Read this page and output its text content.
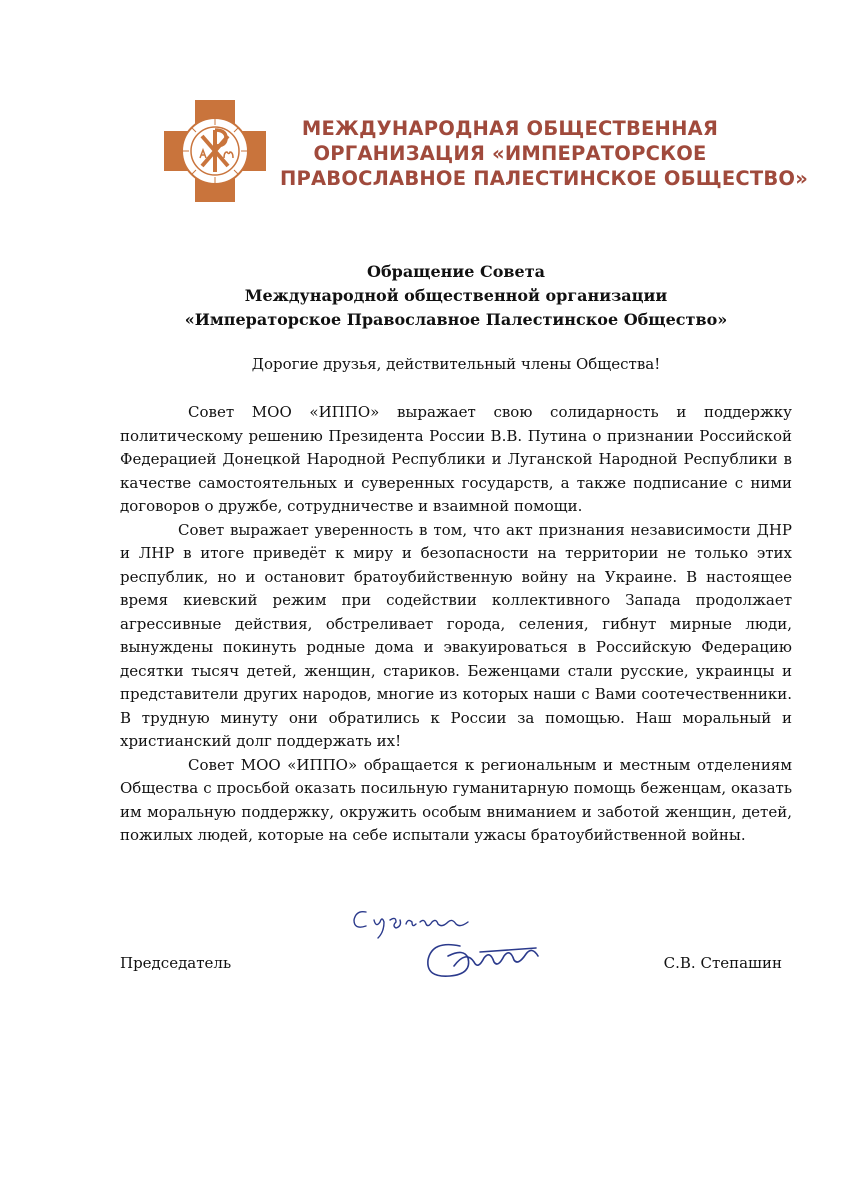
МЕЖДУНАРОДНАЯ ОБЩЕСТВЕННАЯ
ОРГАНИЗАЦИЯ «ИМПЕРАТОРСКОЕ
ПРАВОСЛАВНОЕ ПАЛЕСТИНСКОЕ ОБЩЕСТВО»
Обращение Совета
Международной общественной организации
«Императорское Православное Палестинское Общество»
Дорогие друзья, действительный члены Общества!

Совет МОО «ИППО» выражает свою солидарность и поддержку политическому решению Президента России В.В. Путина о признании Российской Федерацией Донецкой Народной Республики и Луганской Народной Республики в качестве самостоятельных и суверенных государств, а также подписание с ними договоров о дружбе, сотрудничестве и взаимной помощи.

Совет выражает уверенность в том, что акт признания независимости ДНР и ЛНР в итоге приведёт к миру и безопасности на территории не только этих республик, но и остановит братоубийственную войну на Украине. В настоящее время киевский режим при содействии коллективного Запада продолжает агрессивные действия, обстреливает города, селения, гибнут мирные люди, вынуждены покинуть родные дома и эвакуироваться в Российскую Федерацию десятки тысяч детей, женщин, стариков. Беженцами стали русские, украинцы и представители других народов, многие из которых наши с Вами соотечественники. В трудную минуту они обратились к России за помощью. Наш моральный и христианский долг поддержать их!

Совет МОО «ИППО» обращается к региональным и местным отделениям Общества с просьбой оказать посильную гуманитарную помощь беженцам, оказать им моральную поддержку, окружить особым вниманием и заботой женщин, детей, пожилых людей, которые на себе испытали ужасы братоубийственной войны.

Председатель	С.В. Степашин
